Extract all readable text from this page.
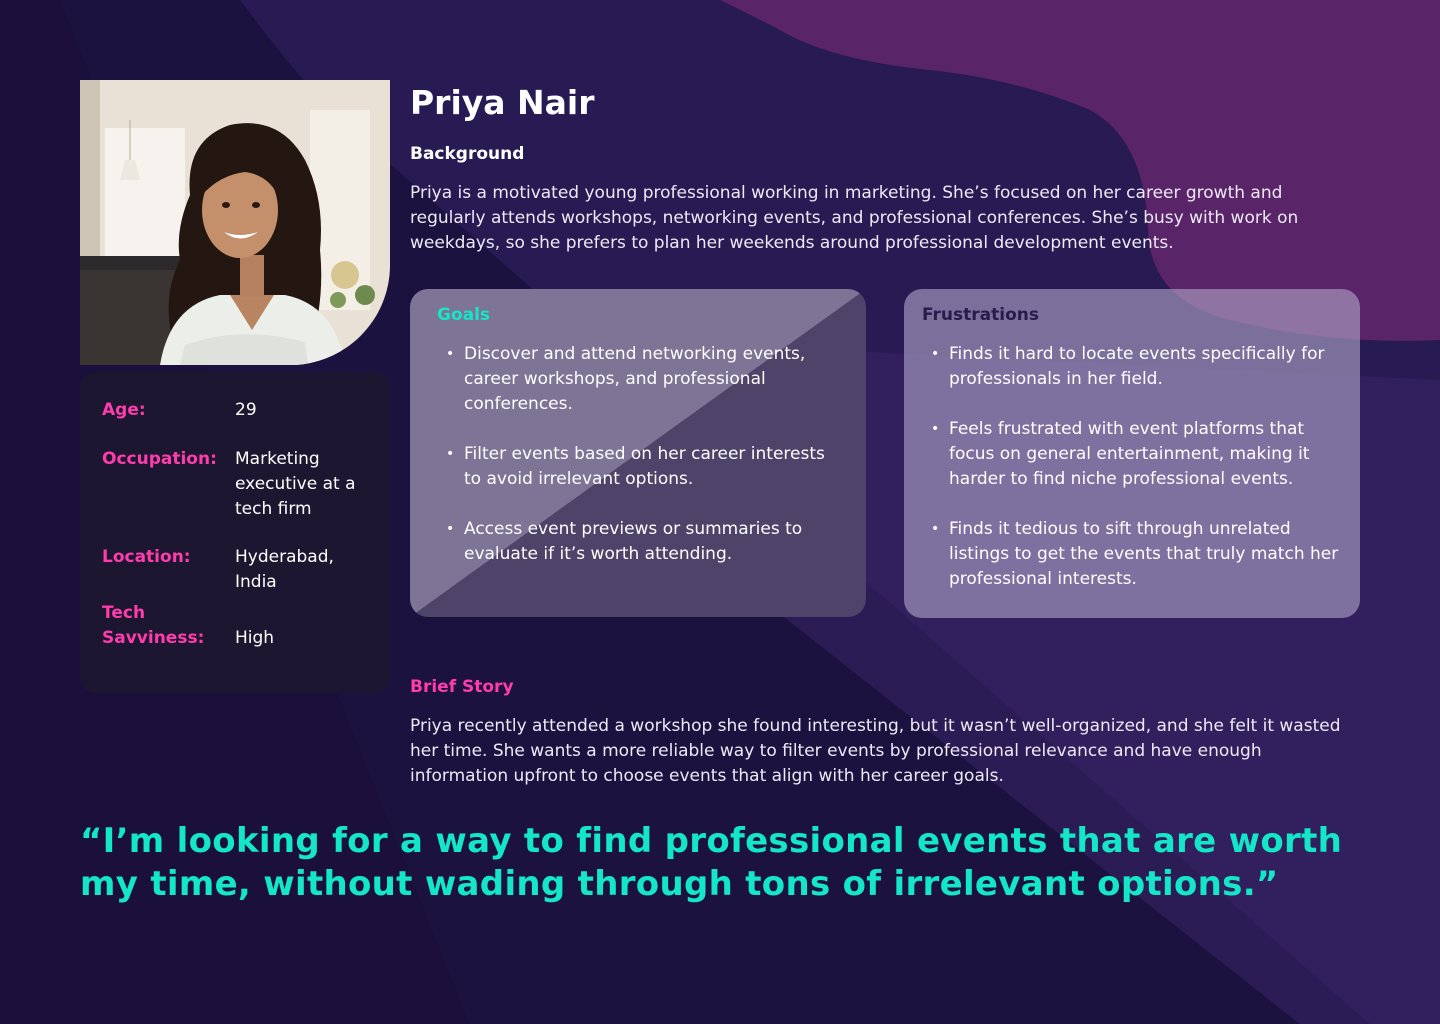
Age:	29
Occupation:	Marketing executive at a tech firm
Location:	Hyderabad, India
Tech Savviness:	High
Priya Nair
Background

Priya is a motivated young professional working in marketing. She’s focused on her career growth and regularly attends workshops, networking events, and professional conferences. She’s busy with work on weekdays, so she prefers to plan her weekends around professional development events.

Goals
• Discover and attend networking events, career workshops, and professional conferences.
• Filter events based on her career interests to avoid irrelevant options.
• Access event previews or summaries to evaluate if it’s worth attending.
Frustrations
• Finds it hard to locate events specifically for professionals in her field.
• Feels frustrated with event platforms that focus on general entertainment, making it harder to find niche professional events.
• Finds it tedious to sift through unrelated listings to get the events that truly match her professional interests.
Brief Story

Priya recently attended a workshop she found interesting, but it wasn’t well-organized, and she felt it wasted her time. She wants a more reliable way to filter events by professional relevance and have enough information upfront to choose events that align with her career goals.

“I’m looking for a way to find professional events that are worth my time, without wading through tons of irrelevant options.”
